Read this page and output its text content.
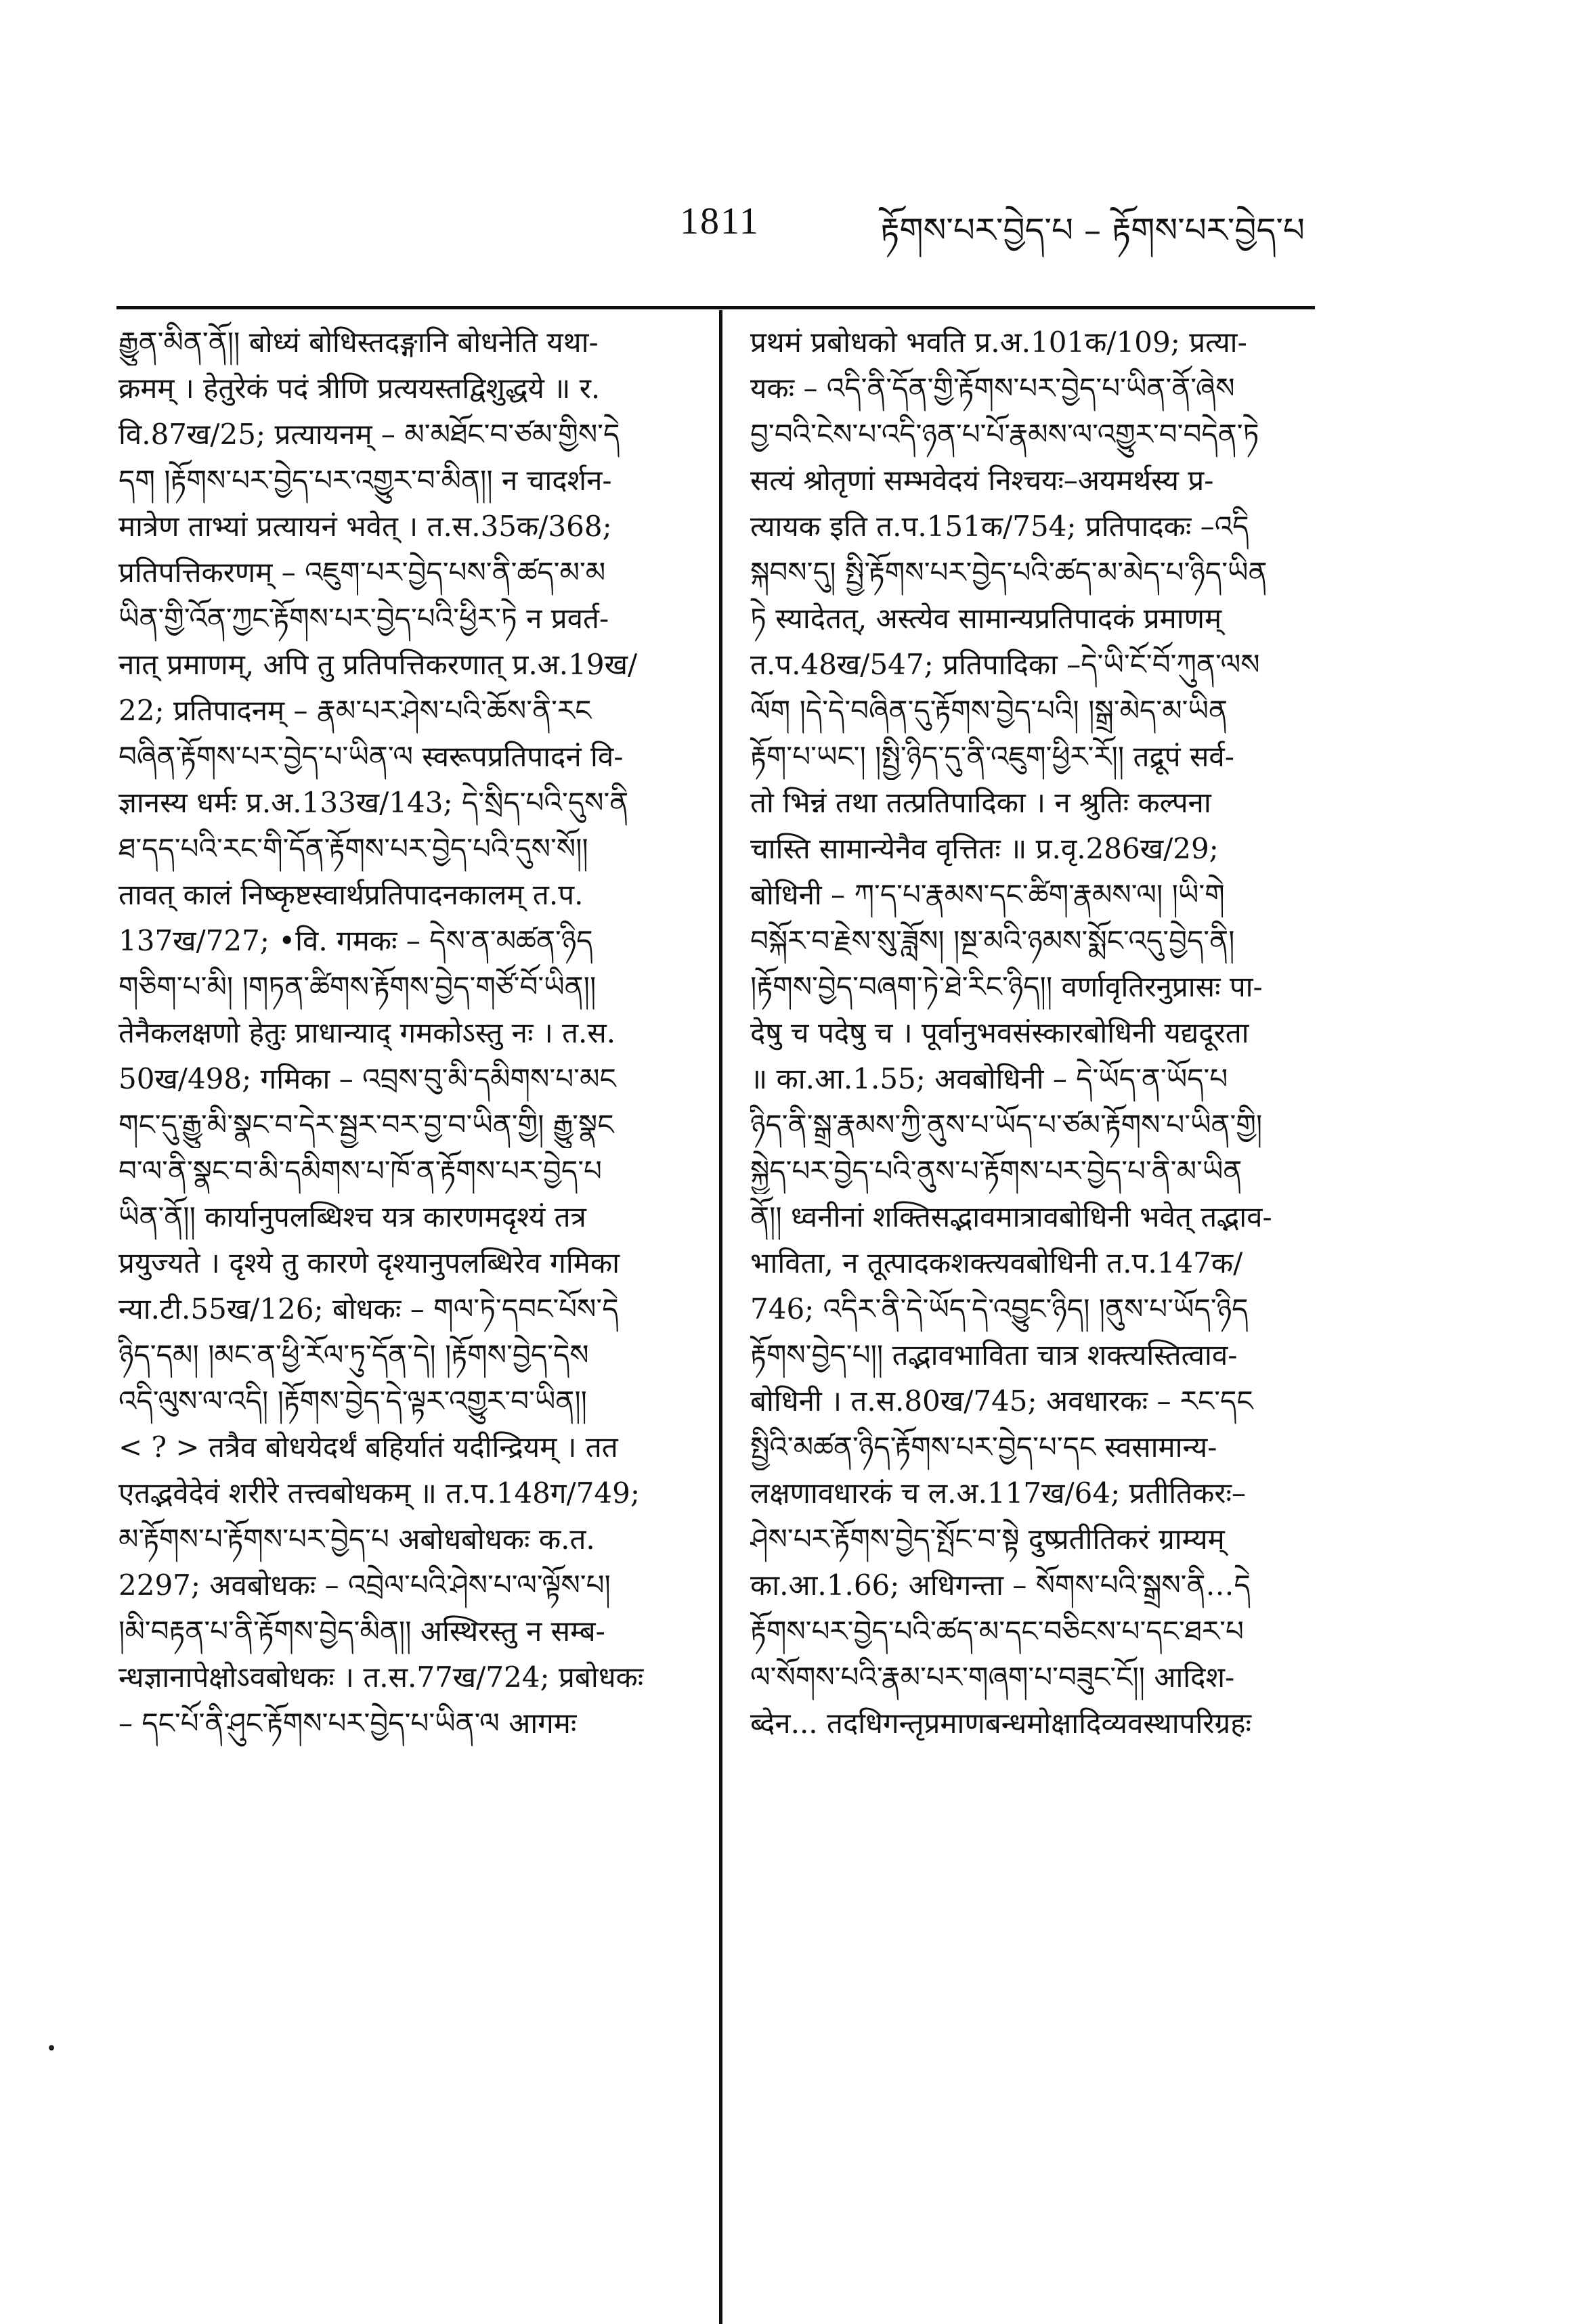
1811	རྟོགས་པར་བྱེད་པ – རྟོགས་པར་བྱེད་པ
རྒྱུན་མིན་ནོ།། बोध्यं बोधिस्तदङ्गानि बोधनेति यथा-
क्रमम् । हेतुरेकं पदं त्रीणि प्रत्ययस्तद्विशुद्धये ॥ र.
वि.87ख/25; प्रत्यायनम् – མ་མཐོང་བ་ཙམ་གྱིས་དེ
དག །རྟོགས་པར་བྱེད་པར་འགྱུར་བ་མིན།། न चादर्शन-
मात्रेण ताभ्यां प्रत्यायनं भवेत् । त.स.35क/368;
प्रतिपत्तिकरणम् – འཇུག་པར་བྱེད་པས་ནི་ཚད་མ་མ
ཡིན་གྱི་འོན་ཀྱང་རྟོགས་པར་བྱེད་པའི་ཕྱིར་ཏེ न प्रवर्त-
नात् प्रमाणम्, अपि तु प्रतिपत्तिकरणात् प्र.अ.19ख/
22; प्रतिपादनम् – རྣམ་པར་ཤེས་པའི་ཆོས་ནི་རང
བཞིན་རྟོགས་པར་བྱེད་པ་ཡིན་ལ स्वरूपप्रतिपादनं वि-
ज्ञानस्य धर्मः प्र.अ.133ख/143; དེ་སྲིད་པའི་དུས་ནི
ཐ་དད་པའི་རང་གི་དོན་རྟོགས་པར་བྱེད་པའི་དུས་སོ།།
तावत् कालं निष्कृष्टस्वार्थप्रतिपादनकालम् त.प.
137ख/727; •वि. गमकः – དེས་ན་མཚན་ཉིད
གཅིག་པ་མི། །གཏན་ཚིགས་རྟོགས་བྱེད་གཙོ་བོ་ཡིན།།
तेनैकलक्षणो हेतुः प्राधान्याद् गमकोऽस्तु नः । त.स.
50ख/498; गमिका – འབྲས་བུ་མི་དམིགས་པ་མང
གང་དུ་རྒྱུ་མི་སྣང་བ་དེར་སྦྱར་བར་བྱ་བ་ཡིན་གྱི། རྒྱུ་སྣང
བ་ལ་ནི་སྣང་བ་མི་དམིགས་པ་ཁོ་ན་རྟོགས་པར་བྱེད་པ
ཡིན་ནོ།། कार्यानुपलब्धिश्च यत्र कारणमदृश्यं तत्र
प्रयुज्यते । दृश्ये तु कारणे दृश्यानुपलब्धिरेव गमिका
न्या.टी.55ख/126; बोधकः – གལ་ཏེ་དབང་པོས་དེ
ཉིད་དམ། །མང་ན་ཕྱི་རོལ་ཏུ་དོན་དེ། །རྟོགས་བྱེད་དེས
འདི་ལུས་ལ་འདི། །རྟོགས་བྱེད་དེ་ལྟར་འགྱུར་བ་ཡིན།།
< ? > तत्रैव बोधयेदर्थं बहिर्यातं यदीन्द्रियम् । तत
एतद्भवेदेवं शरीरे तत्त्वबोधकम् ॥ त.प.148ग/749;
མ་རྟོགས་པ་རྟོགས་པར་བྱེད་པ अबोधबोधकः क.त.
2297; अवबोधकः – འབྲེལ་པའི་ཤེས་པ་ལ་ལྟོས་པ།
།མི་བརྟན་པ་ནི་རྟོགས་བྱེད་མིན།། अस्थिरस्तु न सम्ब-
न्धज्ञानापेक्षोऽवबोधकः । त.स.77ख/724; प्रबोधकः
– དང་པོ་ནི་ཤུང་རྟོགས་པར་བྱེད་པ་ཡིན་ལ आगमः
प्रथमं प्रबोधको भवति प्र.अ.101क/109; प्रत्या-
यकः – འདི་ནི་དོན་གྱི་རྟོགས་པར་བྱེད་པ་ཡིན་ནོ་ཞེས
བྱ་བའི་ངེས་པ་འདི་ཉན་པ་པོ་རྣམས་ལ་འགྱུར་བ་བདེན་ཏེ
सत्यं श्रोतृणां सम्भवेदयं निश्चयः–अयमर्थस्य प्र-
त्यायक इति त.प.151क/754; प्रतिपादकः –འདི
སྐབས་དུ། སྤྱི་རྟོགས་པར་བྱེད་པའི་ཚད་མ་མེད་པ་ཉིད་ཡིན
ཏེ स्यादेतत्, अस्त्येव सामान्यप्रतिपादकं प्रमाणम्
त.प.48ख/547; प्रतिपादिका –དེ་ཡི་ངོ་བོ་ཀུན་ལས
ལོག །དེ་དེ་བཞིན་དུ་རྟོགས་བྱེད་པའི། །སྒྲ་མེད་མ་ཡིན
རྟོག་པ་ཡང་། །སྤྱི་ཉིད་དུ་ནི་འཇུག་ཕྱིར་རོ།། तद्रूपं सर्व-
तो भिन्नं तथा तत्प्रतिपादिका । न श्रुतिः कल्पना
चास्ति सामान्येनैव वृत्तितः ॥ प्र.वृ.286ख/29;
बोधिनी – ཀ་ད་པ་རྣམས་དང་ཚིག་རྣམས་ལ། །ཡི་གེ
བསྐོར་བ་རྗེས་སུ་ཟློས། །སྔ་མའི་ཉམས་སྨོང་འདུ་བྱེད་ནི།
།རྟོགས་བྱེད་བཞག་ཏེ་ཐེ་རིང་ཉིད།། वर्णावृतिरनुप्रासः पा-
देषु च पदेषु च । पूर्वानुभवसंस्कारबोधिनी यद्यदूरता
॥ का.आ.1.55; अवबोधिनी – དེ་ཡོད་ན་ཡོད་པ
ཉིད་ནི་སྒྲ་རྣམས་ཀྱི་ནུས་པ་ཡོད་པ་ཙམ་རྟོགས་པ་ཡིན་གྱི།
སྐྱེད་པར་བྱེད་པའི་ནུས་པ་རྟོགས་པར་བྱེད་པ་ནི་མ་ཡིན
ནོ།། ध्वनीनां शक्तिसद्भावमात्रावबोधिनी भवेत् तद्भाव-
भाविता, न तूत्पादकशक्त्यवबोधिनी त.प.147क/
746; འདིར་ནི་དེ་ཡོད་དེ་འབྱུང་ཉིད། །ནུས་པ་ཡོད་ཉིད
རྟོགས་བྱེད་པ།། तद्भावभाविता चात्र शक्त्यस्तित्वाव-
बोधिनी । त.स.80ख/745; अवधारकः – རང་དང
སྤྱིའི་མཚན་ཉིད་རྟོགས་པར་བྱེད་པ་དང स्वसामान्य-
लक्षणावधारकं च ल.अ.117ख/64; प्रतीतिकरः–
ཤེས་པར་རྟོགས་བྱེད་སྤོང་བ་སྟེ दुष्प्रतीतिकरं ग्राम्यम्
का.आ.1.66; अधिगन्ता – སོགས་པའི་སྒྲས་ནི…དེ
རྟོགས་པར་བྱེད་པའི་ཚད་མ་དང་བཅིངས་པ་དང་ཐར་པ
ལ་སོགས་པའི་རྣམ་པར་གཞག་པ་བཟུང་ངོ།། आदिश-
ब्देन... तदधिगन्तृप्रमाणबन्धमोक्षादिव्यवस्थापरिग्रहः
